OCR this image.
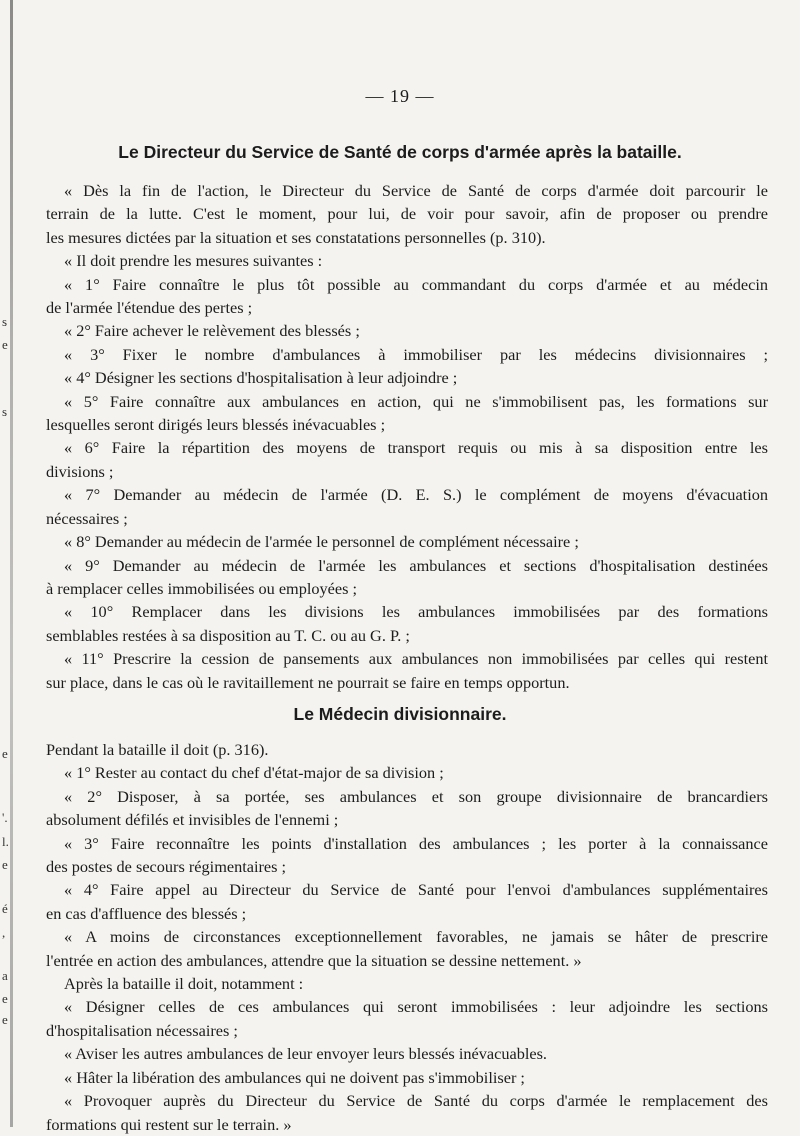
s
e
s
e
'.
l.
e
é
,
a
e
e
— 19 —
Le Directeur du Service de Santé de corps d'armée après la bataille.
« Dès la fin de l'action, le Directeur du Service de Santé de corps d'armée doit parcourir le
terrain de la lutte. C'est le moment, pour lui, de voir pour savoir, afin de proposer ou prendre
les mesures dictées par la situation et ses constatations personnelles (p. 310).
« Il doit prendre les mesures suivantes :
« 1° Faire connaître le plus tôt possible au commandant du corps d'armée et au médecin
de l'armée l'étendue des pertes ;
« 2° Faire achever le relèvement des blessés ;
« 3° Fixer le nombre d'ambulances à immobiliser par les médecins divisionnaires ;
« 4° Désigner les sections d'hospitalisation à leur adjoindre ;
« 5° Faire connaître aux ambulances en action, qui ne s'immobilisent pas, les formations sur
lesquelles seront dirigés leurs blessés inévacuables ;
« 6° Faire la répartition des moyens de transport requis ou mis à sa disposition entre les
divisions ;
« 7° Demander au médecin de l'armée (D. E. S.) le complément de moyens d'évacuation
nécessaires ;
« 8° Demander au médecin de l'armée le personnel de complément nécessaire ;
« 9° Demander au médecin de l'armée les ambulances et sections d'hospitalisation destinées
à remplacer celles immobilisées ou employées ;
« 10° Remplacer dans les divisions les ambulances immobilisées par des formations
semblables restées à sa disposition au T. C. ou au G. P. ;
« 11° Prescrire la cession de pansements aux ambulances non immobilisées par celles qui restent
sur place, dans le cas où le ravitaillement ne pourrait se faire en temps opportun.
Le Médecin divisionnaire.
Pendant la bataille il doit (p. 316).
« 1° Rester au contact du chef d'état-major de sa division ;
« 2° Disposer, à sa portée, ses ambulances et son groupe divisionnaire de brancardiers
absolument défilés et invisibles de l'ennemi ;
« 3° Faire reconnaître les points d'installation des ambulances ; les porter à la connaissance
des postes de secours régimentaires ;
« 4° Faire appel au Directeur du Service de Santé pour l'envoi d'ambulances supplémentaires
en cas d'affluence des blessés ;
« A moins de circonstances exceptionnellement favorables, ne jamais se hâter de prescrire
l'entrée en action des ambulances, attendre que la situation se dessine nettement. »
Après la bataille il doit, notamment :
« Désigner celles de ces ambulances qui seront immobilisées : leur adjoindre les sections
d'hospitalisation nécessaires ;
« Aviser les autres ambulances de leur envoyer leurs blessés inévacuables.
« Hâter la libération des ambulances qui ne doivent pas s'immobiliser ;
« Provoquer auprès du Directeur du Service de Santé du corps d'armée le remplacement des
formations qui restent sur le terrain. »
